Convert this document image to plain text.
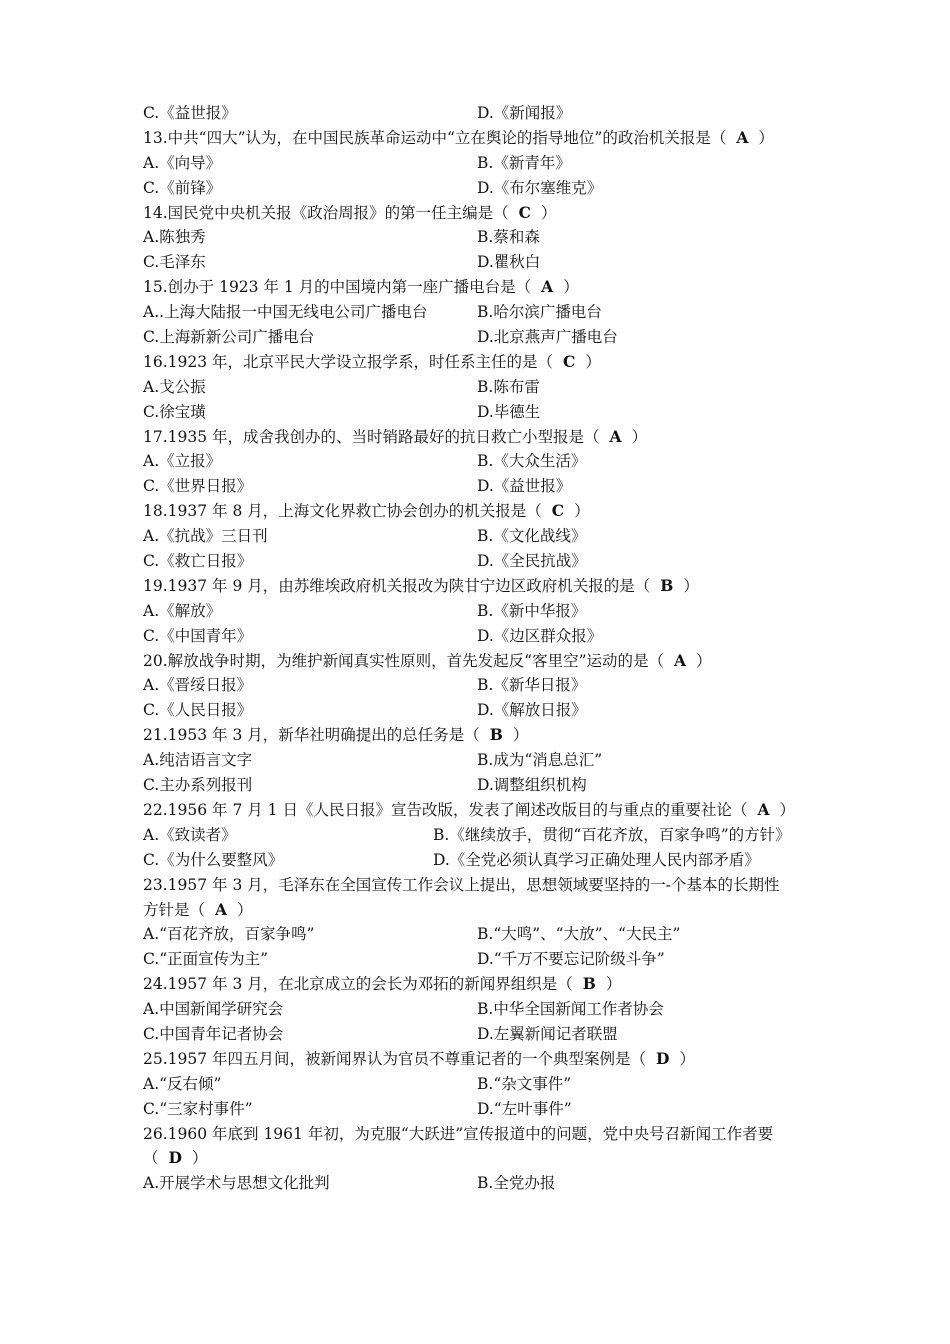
C.《益世报》	D.《新闻报》
13.中共“四大”认为，在中国民族革命运动中“立在舆论的指导地位”的政治机关报是（ A ）
A.《向导》	B.《新青年》
C.《前锋》	D.《布尔塞维克》
14.国民党中央机关报《政治周报》的第一任主编是（ C ）
A.陈独秀	B.蔡和森
C.毛泽东	D.瞿秋白
15.创办于 1923 年 1 月的中国境内第一座广播电台是（ A ）
A..上海大陆报一中国无线电公司广播电台	B.哈尔滨广播电台
C.上海新新公司广播电台	D.北京燕声广播电台
16.1923 年，北京平民大学设立报学系，时任系主任的是（ C ）
A.戈公振	B.陈布雷
C.徐宝璜	D.毕德生
17.1935 年，成舍我创办的、当时销路最好的抗日救亡小型报是（ A ）
A.《立报》	B.《大众生活》
C.《世界日报》	D.《益世报》
18.1937 年 8 月，上海文化界救亡协会创办的机关报是（ C ）
A.《抗战》三日刊	B.《文化战线》
C.《救亡日报》	D.《全民抗战》
19.1937 年 9 月，由苏维埃政府机关报改为陕甘宁边区政府机关报的是（ B ）
A.《解放》	B.《新中华报》
C.《中国青年》	D.《边区群众报》
20.解放战争时期，为维护新闻真实性原则，首先发起反“客里空”运动的是（ A ）
A.《晋绥日报》	B.《新华日报》
C.《人民日报》	D.《解放日报》
21.1953 年 3 月，新华社明确提出的总任务是（ B ）
A.纯洁语言文字	B.成为“消息总汇”
C.主办系列报刊	D.调整组织机构
22.1956 年 7 月 1 日《人民日报》宣告改版，发表了阐述改版目的与重点的重要社论（ A ）
A.《致读者》	B.《继续放手，贯彻“百花齐放，百家争鸣”的方针》
C.《为什么要整风》	D.《全党必须认真学习正确处理人民内部矛盾》
23.1957 年 3 月，毛泽东在全国宣传工作会议上提出，思想领域要坚持的一-个基本的长期性
方针是（ A ）
A.“百花齐放，百家争鸣”	B.“大鸣”、“大放”、“大民主”
C.“正面宣传为主”	D.“千万不要忘记阶级斗争”
24.1957 年 3 月，在北京成立的会长为邓拓的新闻界组织是（ B ）
A.中国新闻学研究会	B.中华全国新闻工作者协会
C.中国青年记者协会	D.左翼新闻记者联盟
25.1957 年四五月间，被新闻界认为官员不尊重记者的一个典型案例是（ D ）
A.“反右倾”	B.“杂文事件”
C.“三家村事件”	D.“左叶事件”
26.1960 年底到 1961 年初，为克服“大跃进”宣传报道中的问题，党中央号召新闻工作者要
（ D ）
A.开展学术与思想文化批判	B.全党办报
